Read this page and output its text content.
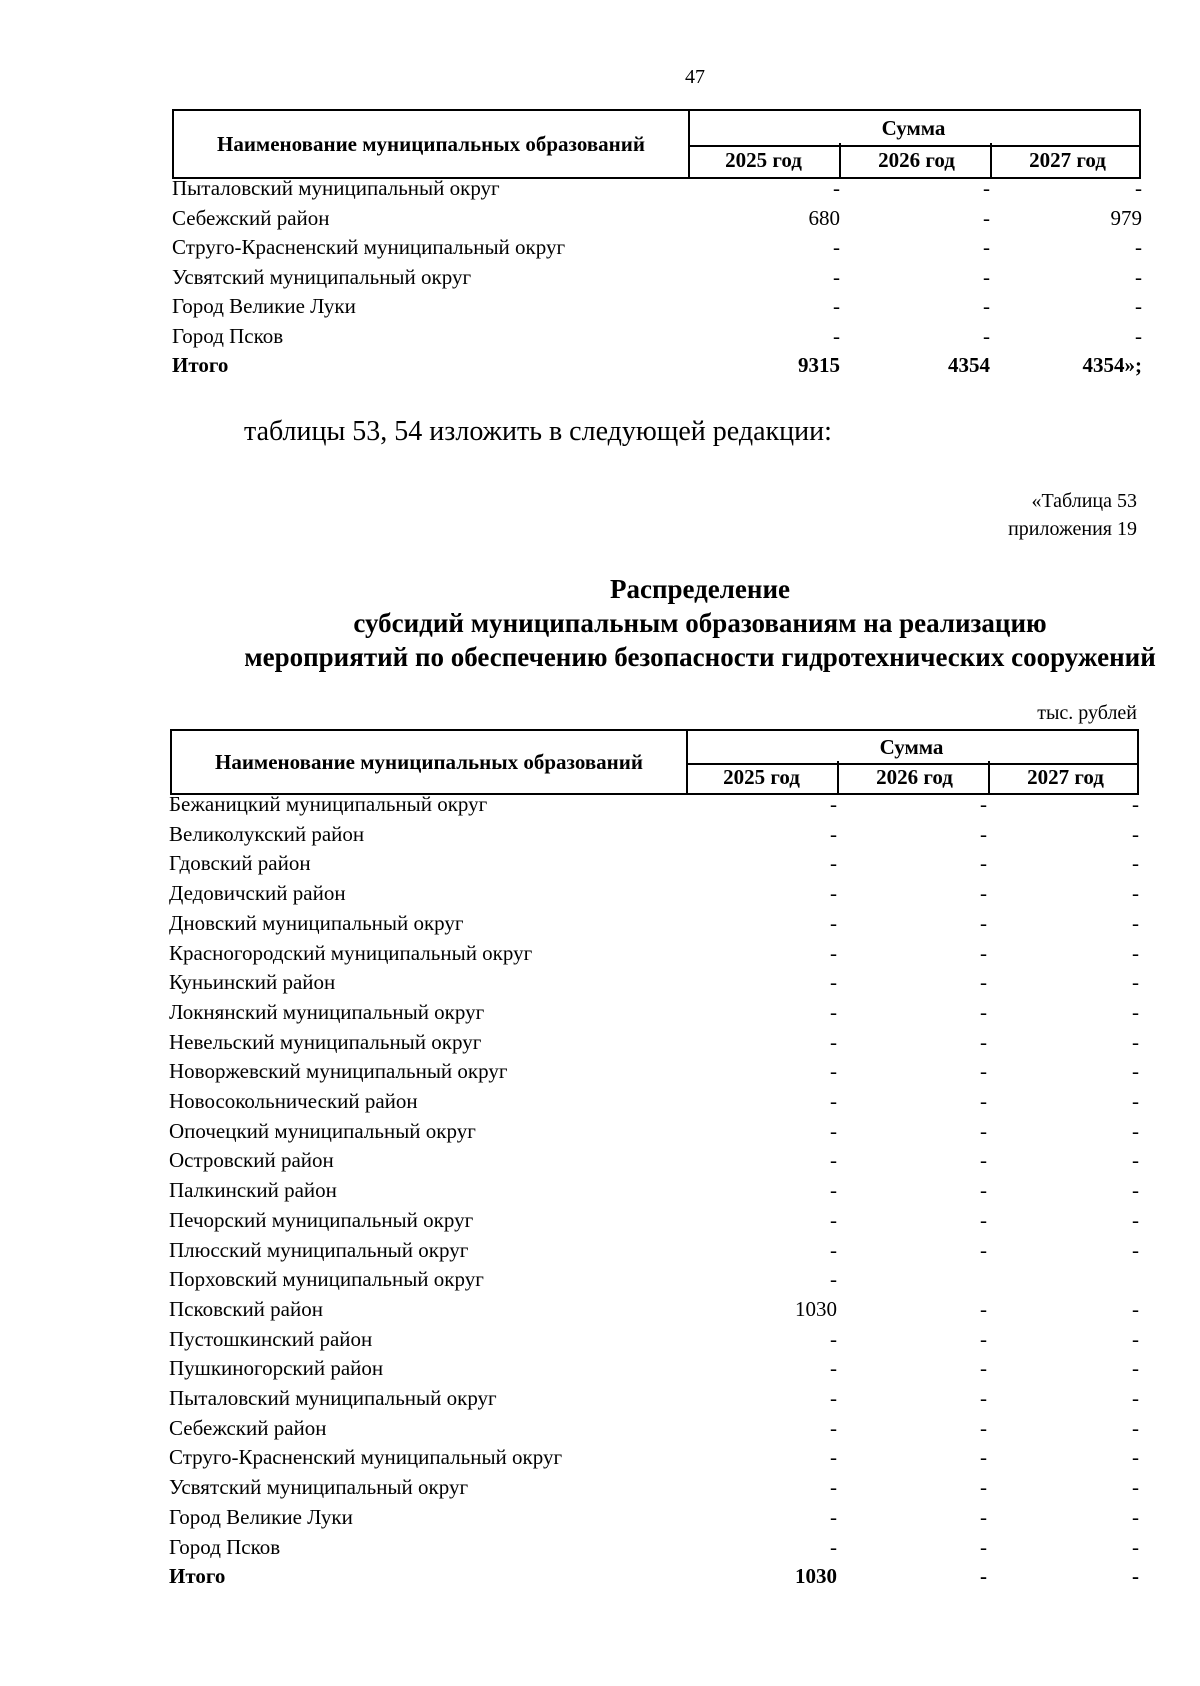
47
Наименование муниципальных образований
Сумма
2025 год	2026 год	2027 год
Пыталовский муниципальный округ	-	-	-
Себежский район	680	-	979
Струго-Красненский муниципальный округ	-	-	-
Усвятский муниципальный округ	-	-	-
Город Великие Луки	-	-	-
Город Псков	-	-	-
Итого	9315	4354	4354»;
таблицы 53, 54 изложить в следующей редакции:
«Таблица 53
приложения 19
Распределение
субсидий муниципальным образованиям на реализацию
мероприятий по обеспечению безопасности гидротехнических сооружений
тыс. рублей
Наименование муниципальных образований
Сумма
2025 год	2026 год	2027 год
Бежаницкий муниципальный округ	-	-	-
Великолукский район	-	-	-
Гдовский район	-	-	-
Дедовичский район	-	-	-
Дновский муниципальный округ	-	-	-
Красногородский муниципальный округ	-	-	-
Куньинский район	-	-	-
Локнянский муниципальный округ	-	-	-
Невельский муниципальный округ	-	-	-
Новоржевский муниципальный округ	-	-	-
Новосокольнический район	-	-	-
Опочецкий муниципальный округ	-	-	-
Островский район	-	-	-
Палкинский район	-	-	-
Печорский муниципальный округ	-	-	-
Плюсский муниципальный округ	-	-	-
Порховский муниципальный округ	-
Псковский район	1030	-	-
Пустошкинский район	-	-	-
Пушкиногорский район	-	-	-
Пыталовский муниципальный округ	-	-	-
Себежский район	-	-	-
Струго-Красненский муниципальный округ	-	-	-
Усвятский муниципальный округ	-	-	-
Город Великие Луки	-	-	-
Город Псков	-	-	-
Итого	1030	-	-
